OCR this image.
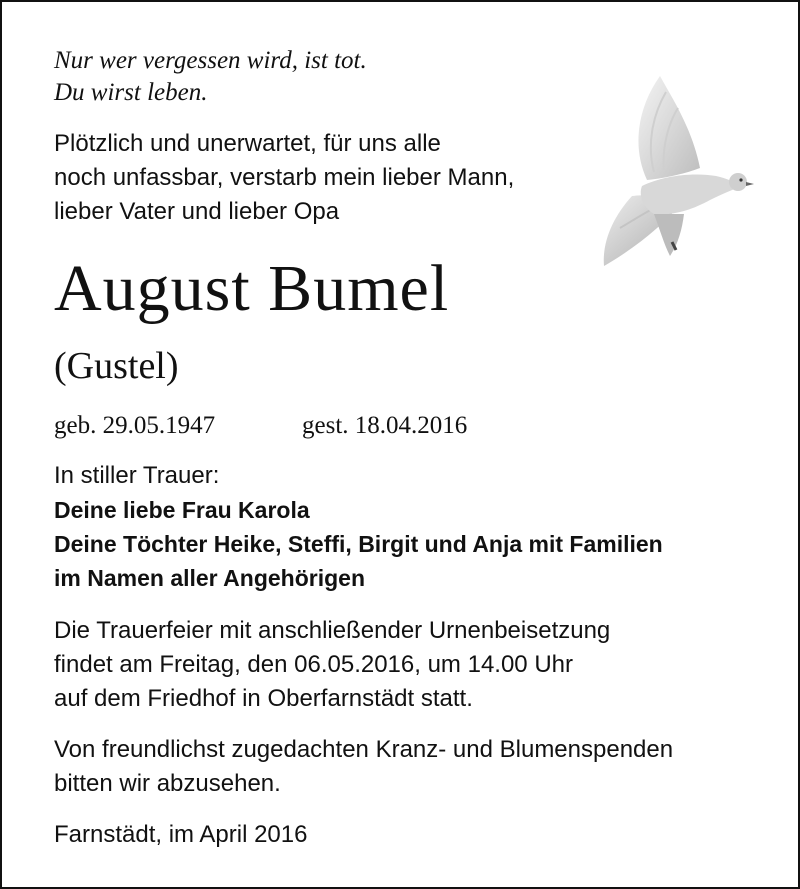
Nur wer vergessen wird, ist tot.

Du wirst leben.

Plötzlich und unerwartet, für uns alle

noch unfassbar, verstarb mein lieber Mann,

lieber Vater und lieber Opa

August Bumel

(Gustel)

geb. 29.05.1947	gest. 18.04.2016

In stiller Trauer:

Deine liebe Frau Karola

Deine Töchter Heike, Steffi, Birgit und Anja mit Familien

im Namen aller Angehörigen

Die Trauerfeier mit anschließender Urnenbeisetzung

findet am Freitag, den 06.05.2016, um 14.00 Uhr

auf dem Friedhof in Oberfarnstädt statt.

Von freundlichst zugedachten Kranz- und Blumenspenden

bitten wir abzusehen.

Farnstädt, im April 2016
